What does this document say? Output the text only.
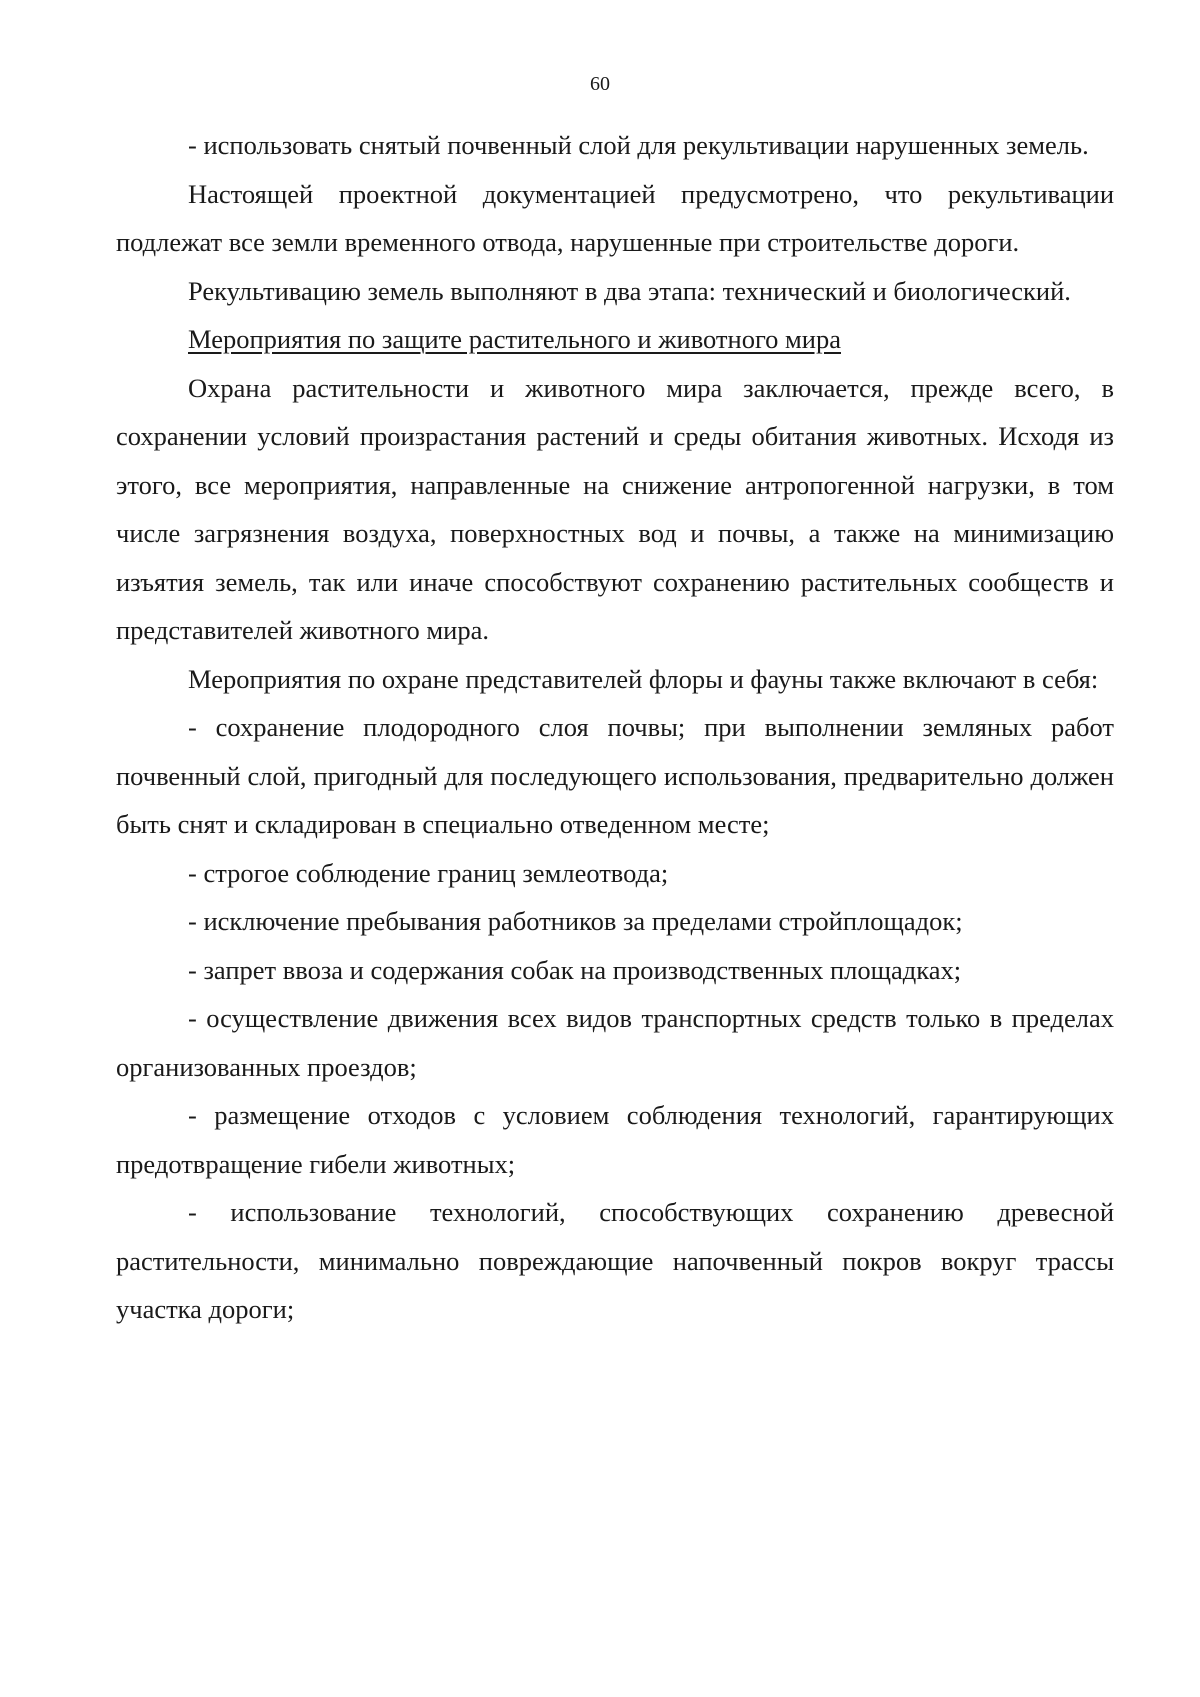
60

- использовать снятый почвенный слой для рекультивации нарушенных земель.

Настоящей проектной документацией предусмотрено, что рекультивации подлежат все земли временного отвода, нарушенные при строительстве дороги.

Рекультивацию земель выполняют в два этапа: технический и биологический.

Мероприятия по защите растительного и животного мира

Охрана растительности и животного мира заключается, прежде всего, в сохранении условий произрастания растений и среды обитания животных. Исходя из этого, все мероприятия, направленные на снижение антропогенной нагрузки, в том числе загрязнения воздуха, поверхностных вод и почвы, а также на минимизацию изъятия земель, так или иначе способствуют сохранению растительных сообществ и представителей животного мира.

Мероприятия по охране представителей флоры и фауны также включают в себя:

- сохранение плодородного слоя почвы; при выполнении земляных работ почвенный слой, пригодный для последующего использования, предварительно должен быть снят и складирован в специально отведенном месте;

- строгое соблюдение границ землеотвода;

- исключение пребывания работников за пределами стройплощадок;

- запрет ввоза и содержания собак на производственных площадках;

- осуществление движения всех видов транспортных средств только в пределах организованных проездов;

- размещение отходов с условием соблюдения технологий, гарантирующих предотвращение гибели животных;

- использование технологий, способствующих сохранению древесной растительности, минимально повреждающие напочвенный покров вокруг трассы участка дороги;
